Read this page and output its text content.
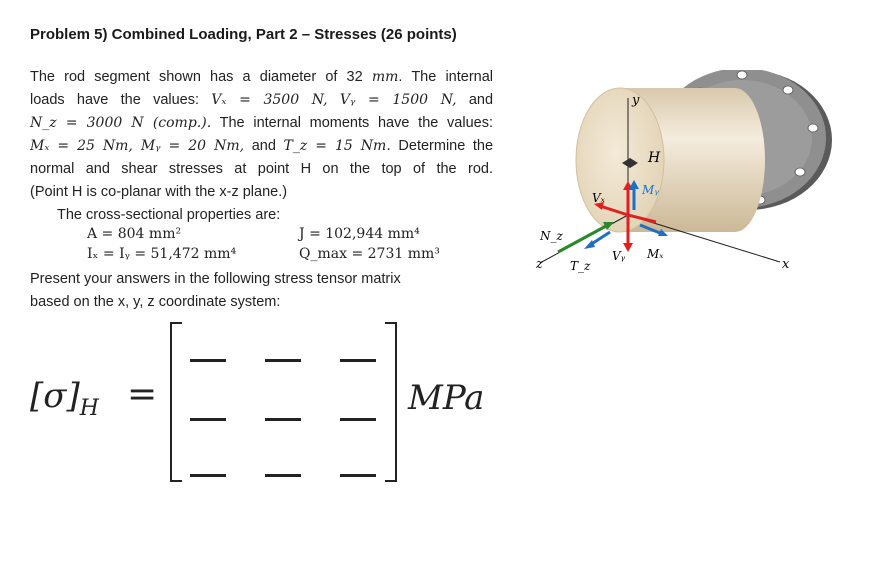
Problem 5) Combined Loading, Part 2 – Stresses (26 points)
The rod segment shown has a diameter of 32 mm. The internal
loads have the values: Vₓ = 3500 N, Vᵧ = 1500 N, and
N_z = 3000 N (comp.). The internal moments have the values:
Mₓ = 25 Nm, Mᵧ = 20 Nm, and T_z = 15 Nm. Determine the
normal and shear stresses at point H on the top of the rod.
(Point H is co-planar with the x-z plane.)
The cross-sectional properties are:
A = 804 mm²	J = 102,944 mm⁴
Iₓ = Iᵧ = 51,472 mm⁴	Q_max = 2731 mm³
Present your answers in the following stress tensor matrix
based on the x, y, z coordinate system:
$[\sigma]_H$ =	MPa
y
x
z
H
Vₓ
Mᵧ
N_z
Vᵧ Mₓ
T_z
